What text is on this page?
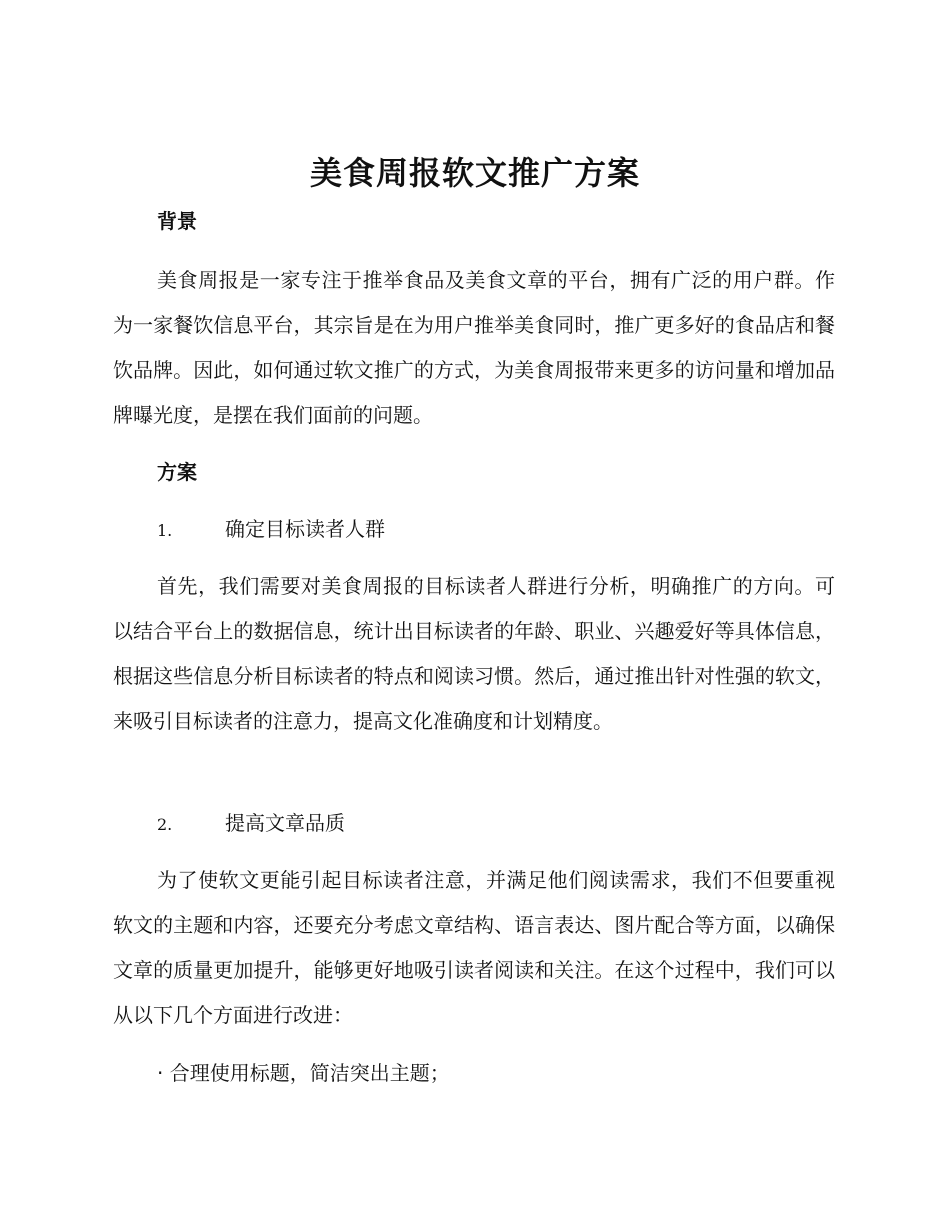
美食周报软文推广方案
背景
美食周报是一家专注于推举食品及美食文章的平台，拥有广泛的用户群。作为一家餐饮信息平台，其宗旨是在为用户推举美食同时，推广更多好的食品店和餐饮品牌。因此，如何通过软文推广的方式，为美食周报带来更多的访问量和增加品牌曝光度，是摆在我们面前的问题。
方案
1.	确定目标读者人群
首先，我们需要对美食周报的目标读者人群进行分析，明确推广的方向。可以结合平台上的数据信息，统计出目标读者的年龄、职业、兴趣爱好等具体信息，根据这些信息分析目标读者的特点和阅读习惯。然后，通过推出针对性强的软文，来吸引目标读者的注意力，提高文化准确度和计划精度。
2.	提高文章品质
为了使软文更能引起目标读者注意，并满足他们阅读需求，我们不但要重视软文的主题和内容，还要充分考虑文章结构、语言表达、图片配合等方面，以确保文章的质量更加提升，能够更好地吸引读者阅读和关注。在这个过程中，我们可以从以下几个方面进行改进：
· 合理使用标题，简洁突出主题；
